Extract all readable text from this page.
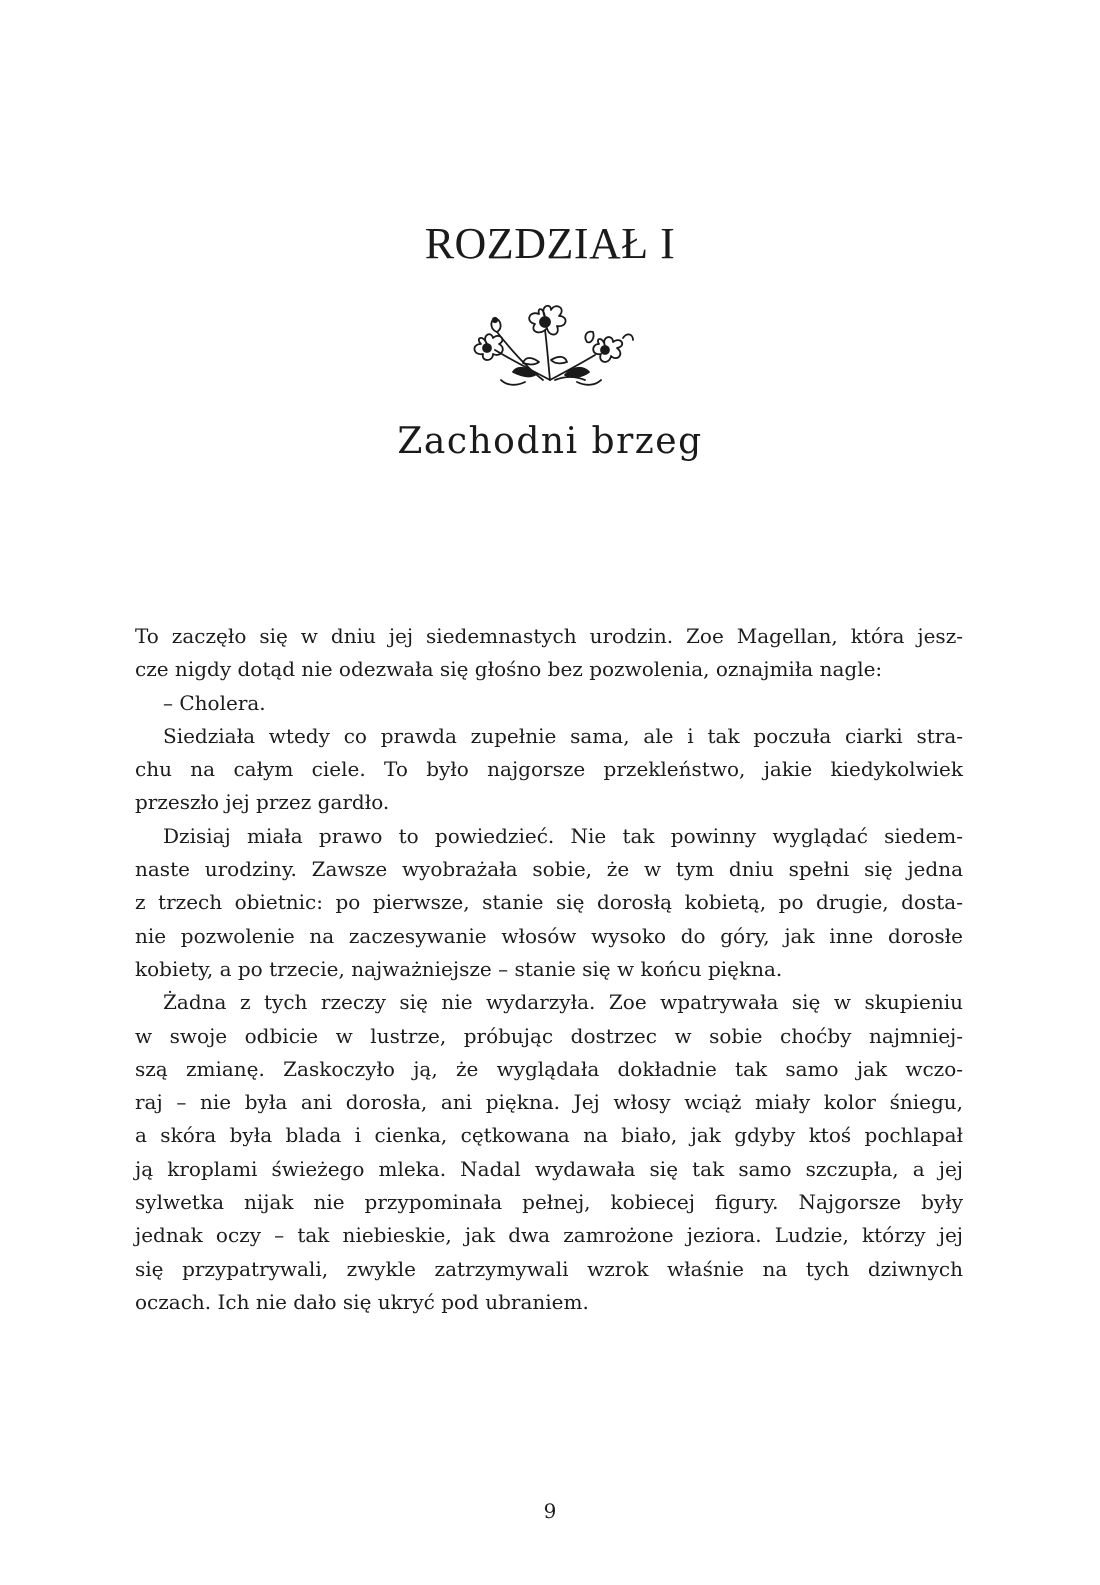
ROZDZIAŁ I
Zachodni brzeg
To zaczęło się w dniu jej siedemnastych urodzin. Zoe Magellan, która jesz-
cze nigdy dotąd nie odezwała się głośno bez pozwolenia, oznajmiła nagle:
– Cholera.
Siedziała wtedy co prawda zupełnie sama, ale i tak poczuła ciarki stra-
chu na całym ciele. To było najgorsze przekleństwo, jakie kiedykolwiek
przeszło jej przez gardło.
Dzisiaj miała prawo to powiedzieć. Nie tak powinny wyglądać siedem-
naste urodziny. Zawsze wyobrażała sobie, że w tym dniu spełni się jedna
z trzech obietnic: po pierwsze, stanie się dorosłą kobietą, po drugie, dosta-
nie pozwolenie na zaczesywanie włosów wysoko do góry, jak inne dorosłe
kobiety, a po trzecie, najważniejsze – stanie się w końcu piękna.
Żadna z tych rzeczy się nie wydarzyła. Zoe wpatrywała się w skupieniu
w swoje odbicie w lustrze, próbując dostrzec w sobie choćby najmniej-
szą zmianę. Zaskoczyło ją, że wyglądała dokładnie tak samo jak wczo-
raj – nie była ani dorosła, ani piękna. Jej włosy wciąż miały kolor śniegu,
a skóra była blada i cienka, cętkowana na biało, jak gdyby ktoś pochlapał
ją kroplami świeżego mleka. Nadal wydawała się tak samo szczupła, a jej
sylwetka nijak nie przypominała pełnej, kobiecej figury. Najgorsze były
jednak oczy – tak niebieskie, jak dwa zamrożone jeziora. Ludzie, którzy jej
się przypatrywali, zwykle zatrzymywali wzrok właśnie na tych dziwnych
oczach. Ich nie dało się ukryć pod ubraniem.
9
